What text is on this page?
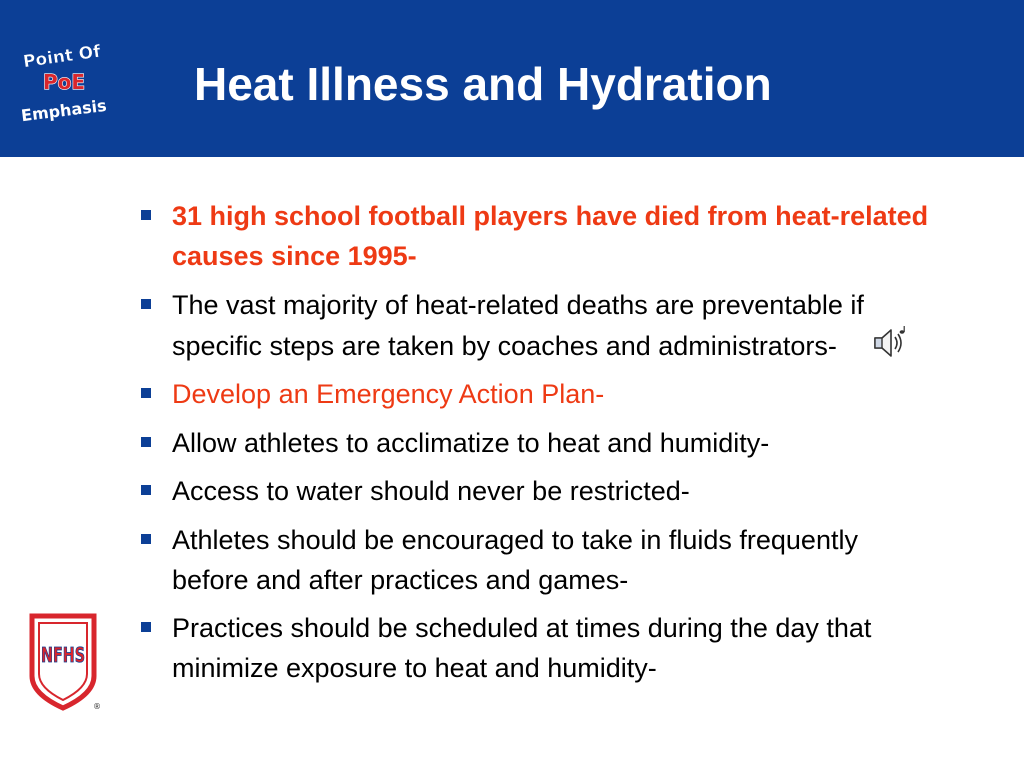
Point Of
PoE
Emphasis
Heat Illness and Hydration
31 high school football players have died from heat-related causes since 1995-
The vast majority of heat-related deaths are preventable if specific steps are taken by coaches and administrators-
Develop an Emergency Action Plan-
Allow athletes to acclimatize to heat and humidity-
Access to water should never be restricted-
Athletes should be encouraged to take in fluids frequently before and after practices and games-
Practices should be scheduled at times during the day that minimize exposure to heat and humidity-
NFHS
®
